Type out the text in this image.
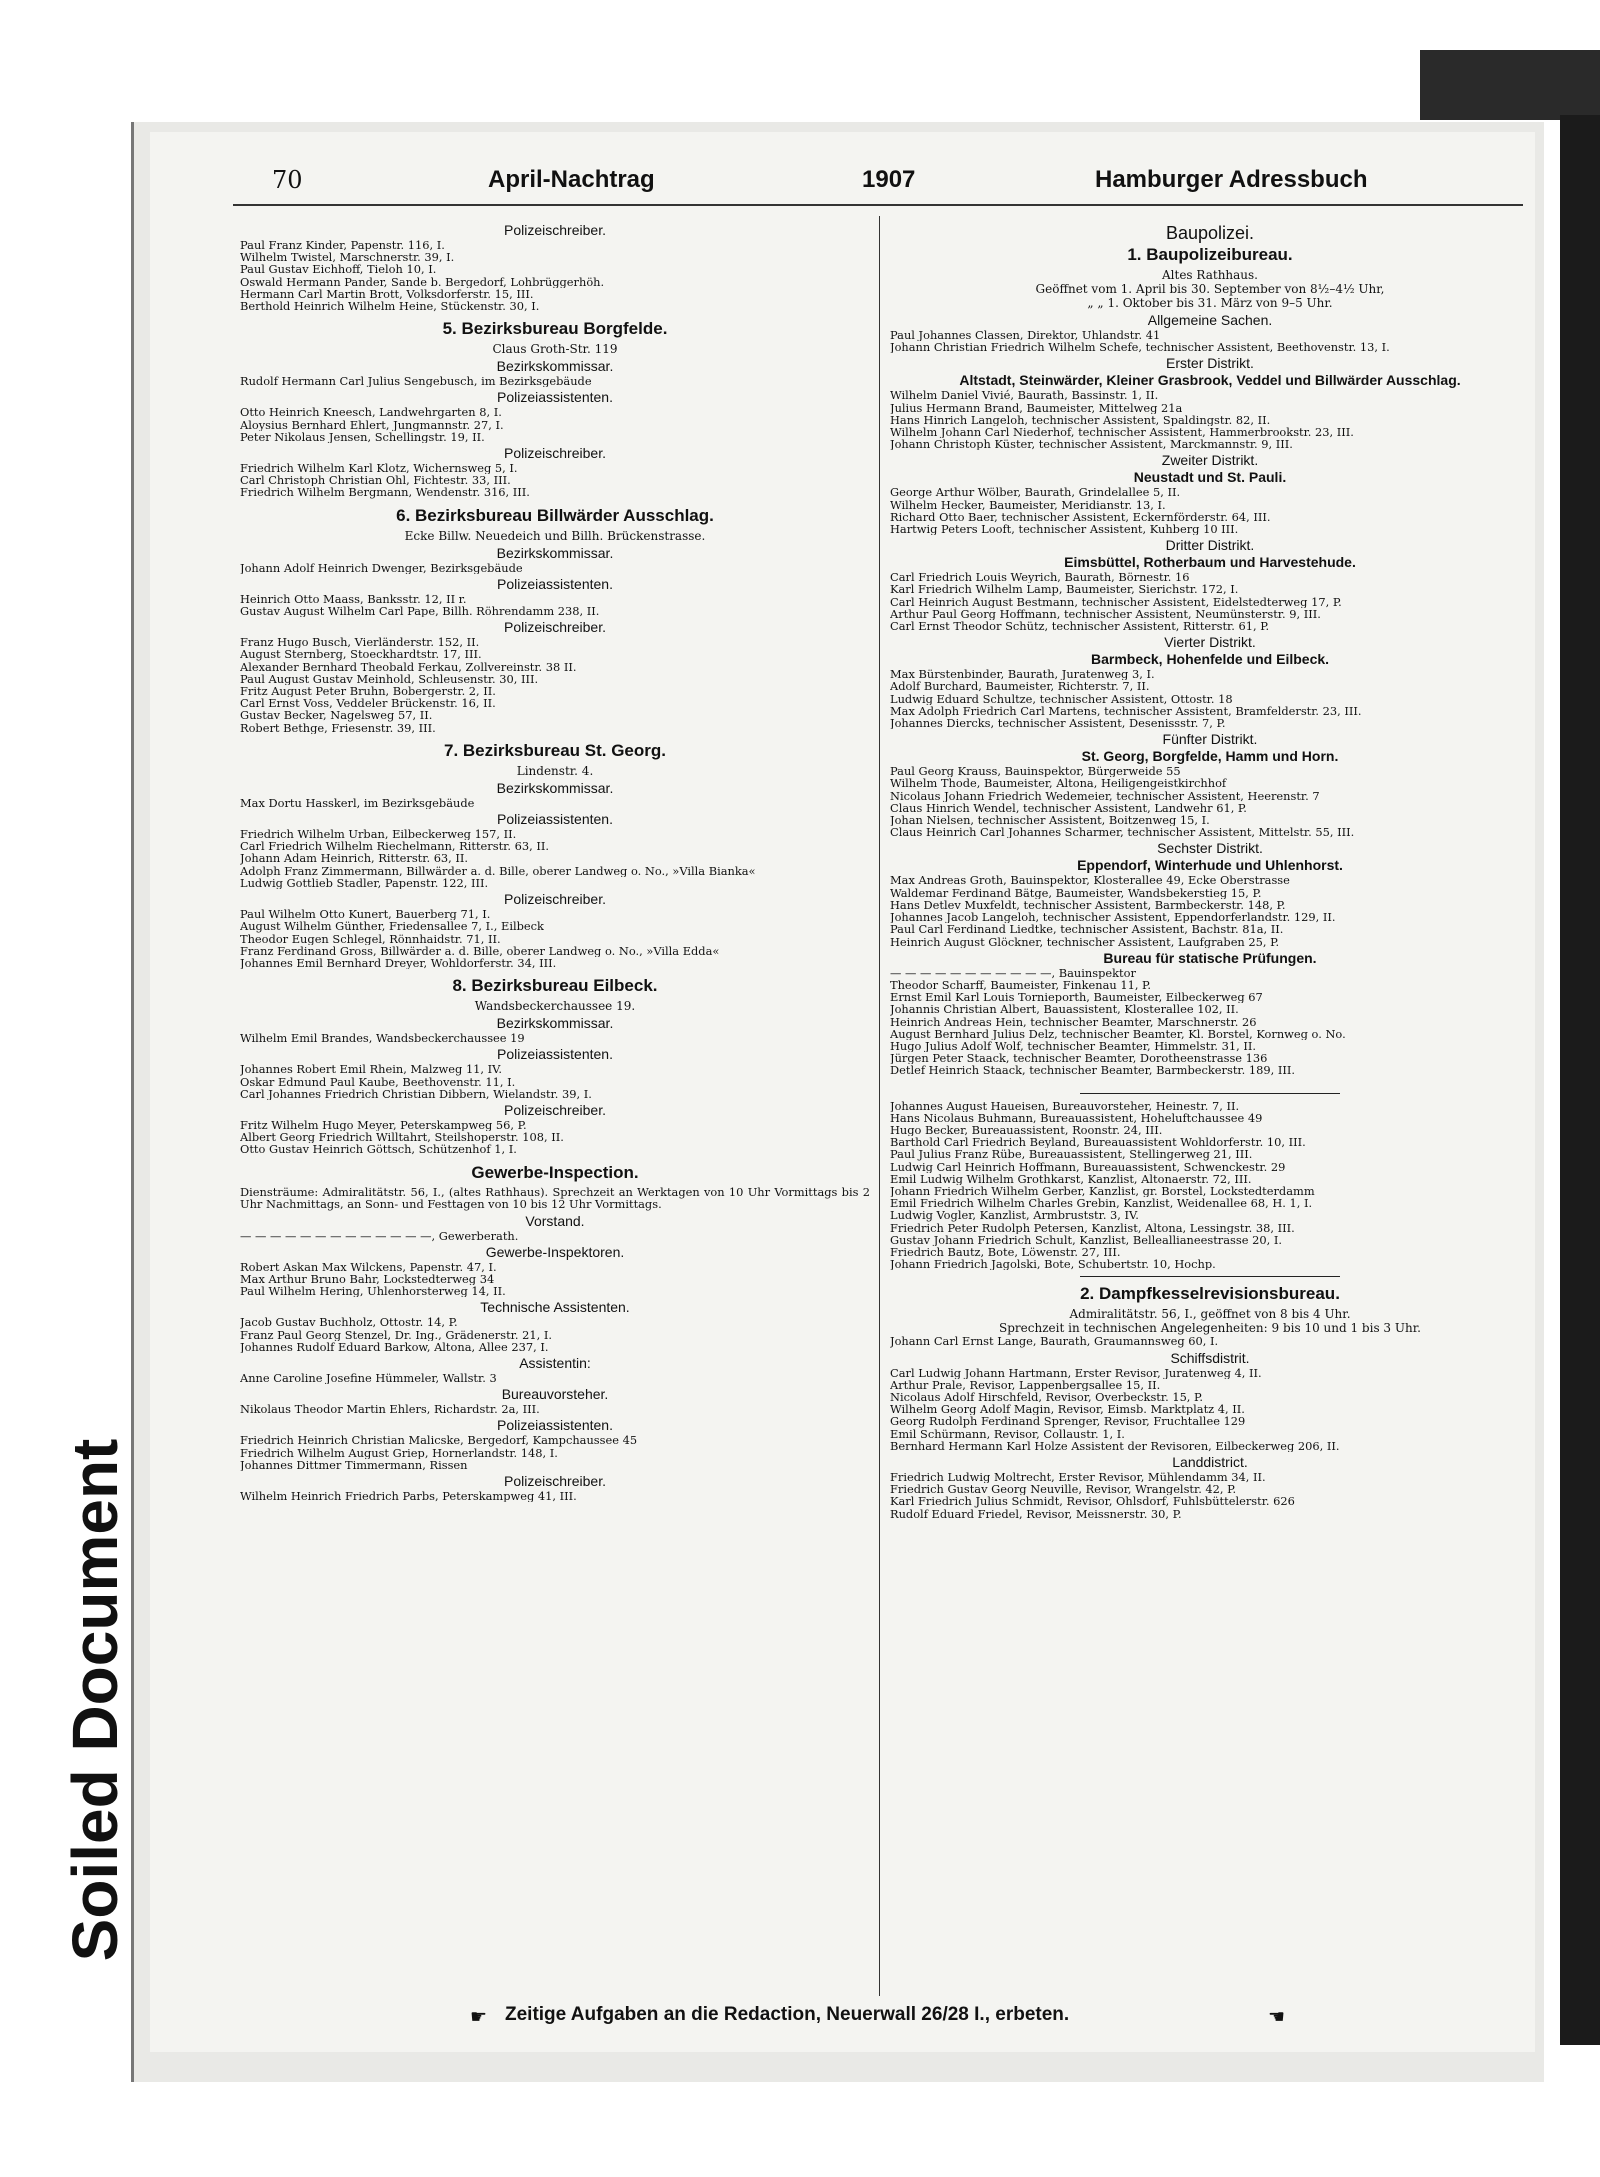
Soiled Document
70	April-Nachtrag	1907	Hamburger Adressbuch
Polizeischreiber.
Paul Franz Kinder, Papenstr. 116, I.
Wilhelm Twistel, Marschnerstr. 39, I.
Paul Gustav Eichhoff, Tieloh 10, I.
Oswald Hermann Pander, Sande b. Bergedorf, Lohbrüggerhöh.
Hermann Carl Martin Brott, Volksdorferstr. 15, III.
Berthold Heinrich Wilhelm Heine, Stückenstr. 30, I.
5. Bezirksbureau Borgfelde.
Claus Groth-Str. 119
Bezirkskommissar.
Rudolf Hermann Carl Julius Sengebusch, im Bezirksgebäude
Polizeiassistenten.
Otto Heinrich Kneesch, Landwehrgarten 8, I.
Aloysius Bernhard Ehlert, Jungmannstr. 27, I.
Peter Nikolaus Jensen, Schellingstr. 19, II.
Polizeischreiber.
Friedrich Wilhelm Karl Klotz, Wichernsweg 5, I.
Carl Christoph Christian Ohl, Fichtestr. 33, III.
Friedrich Wilhelm Bergmann, Wendenstr. 316, III.
6. Bezirksbureau Billwärder Ausschlag.
Ecke Billw. Neuedeich und Billh. Brückenstrasse.
Bezirkskommissar.
Johann Adolf Heinrich Dwenger, Bezirksgebäude
Polizeiassistenten.
Heinrich Otto Maass, Banksstr. 12, II r.
Gustav August Wilhelm Carl Pape, Billh. Röhrendamm 238, II.
Polizeischreiber.
Franz Hugo Busch, Vierländerstr. 152, II.
August Sternberg, Stoeckhardtstr. 17, III.
Alexander Bernhard Theobald Ferkau, Zollvereinstr. 38 II.
Paul August Gustav Meinhold, Schleusenstr. 30, III.
Fritz August Peter Bruhn, Bobergerstr. 2, II.
Carl Ernst Voss, Veddeler Brückenstr. 16, II.
Gustav Becker, Nagelsweg 57, II.
Robert Bethge, Friesenstr. 39, III.
7. Bezirksbureau St. Georg.
Lindenstr. 4.
Bezirkskommissar.
Max Dortu Hasskerl, im Bezirksgebäude
Polizeiassistenten.
Friedrich Wilhelm Urban, Eilbeckerweg 157, II.
Carl Friedrich Wilhelm Riechelmann, Ritterstr. 63, II.
Johann Adam Heinrich, Ritterstr. 63, II.
Adolph Franz Zimmermann, Billwärder a. d. Bille, oberer Landweg o. No., »Villa Bianka«
Ludwig Gottlieb Stadler, Papenstr. 122, III.
Polizeischreiber.
Paul Wilhelm Otto Kunert, Bauerberg 71, I.
August Wilhelm Günther, Friedensallee 7, I., Eilbeck
Theodor Eugen Schlegel, Rönnhaidstr. 71, II.
Franz Ferdinand Gross, Billwärder a. d. Bille, oberer Landweg o. No., »Villa Edda«
Johannes Emil Bernhard Dreyer, Wohldorferstr. 34, III.
8. Bezirksbureau Eilbeck.
Wandsbeckerchaussee 19.
Bezirkskommissar.
Wilhelm Emil Brandes, Wandsbeckerchaussee 19
Polizeiassistenten.
Johannes Robert Emil Rhein, Malzweg 11, IV.
Oskar Edmund Paul Kaube, Beethovenstr. 11, I.
Carl Johannes Friedrich Christian Dibbern, Wielandstr. 39, I.
Polizeischreiber.
Fritz Wilhelm Hugo Meyer, Peterskampweg 56, P.
Albert Georg Friedrich Willtahrt, Steilshoperstr. 108, II.
Otto Gustav Heinrich Göttsch, Schützenhof 1, I.
Gewerbe-Inspection.
Diensträume: Admiralitätstr. 56, I., (altes Rathhaus). Sprechzeit an Werktagen von 10 Uhr Vormittags bis 2 Uhr Nachmittags, an Sonn- und Festtagen von 10 bis 12 Uhr Vormittags.
Vorstand.
— — — — — — — — — — — — —, Gewerberath.
Gewerbe-Inspektoren.
Robert Askan Max Wilckens, Papenstr. 47, I.
Max Arthur Bruno Bahr, Lockstedterweg 34
Paul Wilhelm Hering, Uhlenhorsterweg 14, II.
Technische Assistenten.
Jacob Gustav Buchholz, Ottostr. 14, P.
Franz Paul Georg Stenzel, Dr. Ing., Grädenerstr. 21, I.
Johannes Rudolf Eduard Barkow, Altona, Allee 237, I.
Assistentin:
Anne Caroline Josefine Hümmeler, Wallstr. 3
Bureauvorsteher.
Nikolaus Theodor Martin Ehlers, Richardstr. 2a, III.
Polizeiassistenten.
Friedrich Heinrich Christian Malicske, Bergedorf, Kampchaussee 45
Friedrich Wilhelm August Griep, Hornerlandstr. 148, I.
Johannes Dittmer Timmermann, Rissen
Polizeischreiber.
Wilhelm Heinrich Friedrich Parbs, Peterskampweg 41, III.
Baupolizei.
1. Baupolizeibureau.
Altes Rathhaus.
Geöffnet vom 1. April bis 30. September von 8½–4½ Uhr,
„ „ 1. Oktober bis 31. März von 9–5 Uhr.
Allgemeine Sachen.
Paul Johannes Classen, Direktor, Uhlandstr. 41
Johann Christian Friedrich Wilhelm Schefe, technischer Assistent, Beethovenstr. 13, I.
Erster Distrikt.
Altstadt, Steinwärder, Kleiner Grasbrook, Veddel und Billwärder Ausschlag.
Wilhelm Daniel Vivié, Baurath, Bassinstr. 1, II.
Julius Hermann Brand, Baumeister, Mittelweg 21a
Hans Hinrich Langeloh, technischer Assistent, Spaldingstr. 82, II.
Wilhelm Johann Carl Niederhof, technischer Assistent, Hammerbrookstr. 23, III.
Johann Christoph Küster, technischer Assistent, Marckmannstr. 9, III.
Zweiter Distrikt.
Neustadt und St. Pauli.
George Arthur Wölber, Baurath, Grindelallee 5, II.
Wilhelm Hecker, Baumeister, Meridianstr. 13, I.
Richard Otto Baer, technischer Assistent, Eckernförderstr. 64, III.
Hartwig Peters Looft, technischer Assistent, Kuhberg 10 III.
Dritter Distrikt.
Eimsbüttel, Rotherbaum und Harvestehude.
Carl Friedrich Louis Weyrich, Baurath, Börnestr. 16
Karl Friedrich Wilhelm Lamp, Baumeister, Sierichstr. 172, I.
Carl Heinrich August Bestmann, technischer Assistent, Eidelstedterweg 17, P.
Arthur Paul Georg Hoffmann, technischer Assistent, Neumünsterstr. 9, III.
Carl Ernst Theodor Schütz, technischer Assistent, Ritterstr. 61, P.
Vierter Distrikt.
Barmbeck, Hohenfelde und Eilbeck.
Max Bürstenbinder, Baurath, Juratenweg 3, I.
Adolf Burchard, Baumeister, Richterstr. 7, II.
Ludwig Eduard Schultze, technischer Assistent, Ottostr. 18
Max Adolph Friedrich Carl Martens, technischer Assistent, Bramfelderstr. 23, III.
Johannes Diercks, technischer Assistent, Desenissstr. 7, P.
Fünfter Distrikt.
St. Georg, Borgfelde, Hamm und Horn.
Paul Georg Krauss, Bauinspektor, Bürgerweide 55
Wilhelm Thode, Baumeister, Altona, Heiligengeistkirchhof
Nicolaus Johann Friedrich Wedemeier, technischer Assistent, Heerenstr. 7
Claus Hinrich Wendel, technischer Assistent, Landwehr 61, P.
Johan Nielsen, technischer Assistent, Boitzenweg 15, I.
Claus Heinrich Carl Johannes Scharmer, technischer Assistent, Mittelstr. 55, III.
Sechster Distrikt.
Eppendorf, Winterhude und Uhlenhorst.
Max Andreas Groth, Bauinspektor, Klosterallee 49, Ecke Oberstrasse
Waldemar Ferdinand Bätge, Baumeister, Wandsbekerstieg 15, P.
Hans Detlev Muxfeldt, technischer Assistent, Barmbeckerstr. 148, P.
Johannes Jacob Langeloh, technischer Assistent, Eppendorferlandstr. 129, II.
Paul Carl Ferdinand Liedtke, technischer Assistent, Bachstr. 81a, II.
Heinrich August Glöckner, technischer Assistent, Laufgraben 25, P.
Bureau für statische Prüfungen.
— — — — — — — — — — —, Bauinspektor
Theodor Scharff, Baumeister, Finkenau 11, P.
Ernst Emil Karl Louis Tornieporth, Baumeister, Eilbeckerweg 67
Johannis Christian Albert, Bauassistent, Klosterallee 102, II.
Heinrich Andreas Hein, technischer Beamter, Marschnerstr. 26
August Bernhard Julius Delz, technischer Beamter, Kl. Borstel, Kornweg o. No.
Hugo Julius Adolf Wolf, technischer Beamter, Himmelstr. 31, II.
Jürgen Peter Staack, technischer Beamter, Dorotheenstrasse 136
Detlef Heinrich Staack, technischer Beamter, Barmbeckerstr. 189, III.
Johannes August Haueisen, Bureauvorsteher, Heinestr. 7, II.
Hans Nicolaus Buhmann, Bureauassistent, Hoheluftchaussee 49
Hugo Becker, Bureauassistent, Roonstr. 24, III.
Barthold Carl Friedrich Beyland, Bureauassistent Wohldorferstr. 10, III.
Paul Julius Franz Rübe, Bureauassistent, Stellingerweg 21, III.
Ludwig Carl Heinrich Hoffmann, Bureauassistent, Schwenckestr. 29
Emil Ludwig Wilhelm Grothkarst, Kanzlist, Altonaerstr. 72, III.
Johann Friedrich Wilhelm Gerber, Kanzlist, gr. Borstel, Lockstedterdamm
Emil Friedrich Wilhelm Charles Grebin, Kanzlist, Weidenallee 68, H. 1, I.
Ludwig Vogler, Kanzlist, Armbruststr. 3, IV.
Friedrich Peter Rudolph Petersen, Kanzlist, Altona, Lessingstr. 38, III.
Gustav Johann Friedrich Schult, Kanzlist, Belleallianeestrasse 20, I.
Friedrich Bautz, Bote, Löwenstr. 27, III.
Johann Friedrich Jagolski, Bote, Schubertstr. 10, Hochp.
2. Dampfkesselrevisionsbureau.
Admiralitätstr. 56, I., geöffnet von 8 bis 4 Uhr.
Sprechzeit in technischen Angelegenheiten: 9 bis 10 und 1 bis 3 Uhr.
Johann Carl Ernst Lange, Baurath, Graumannsweg 60, I.
Schiffsdistrit.
Carl Ludwig Johann Hartmann, Erster Revisor, Juratenweg 4, II.
Arthur Prale, Revisor, Lappenbergsallee 15, II.
Nicolaus Adolf Hirschfeld, Revisor, Overbeckstr. 15, P.
Wilhelm Georg Adolf Magin, Revisor, Eimsb. Marktplatz 4, II.
Georg Rudolph Ferdinand Sprenger, Revisor, Fruchtallee 129
Emil Schürmann, Revisor, Collaustr. 1, I.
Bernhard Hermann Karl Holze Assistent der Revisoren, Eilbeckerweg 206, II.
Landdistrict.
Friedrich Ludwig Moltrecht, Erster Revisor, Mühlendamm 34, II.
Friedrich Gustav Georg Neuville, Revisor, Wrangelstr. 42, P.
Karl Friedrich Julius Schmidt, Revisor, Ohlsdorf, Fuhlsbüttelerstr. 626
Rudolf Eduard Friedel, Revisor, Meissnerstr. 30, P.
☛ Zeitige Aufgaben an die Redaction, Neuerwall 26/28 I., erbeten.	☚
